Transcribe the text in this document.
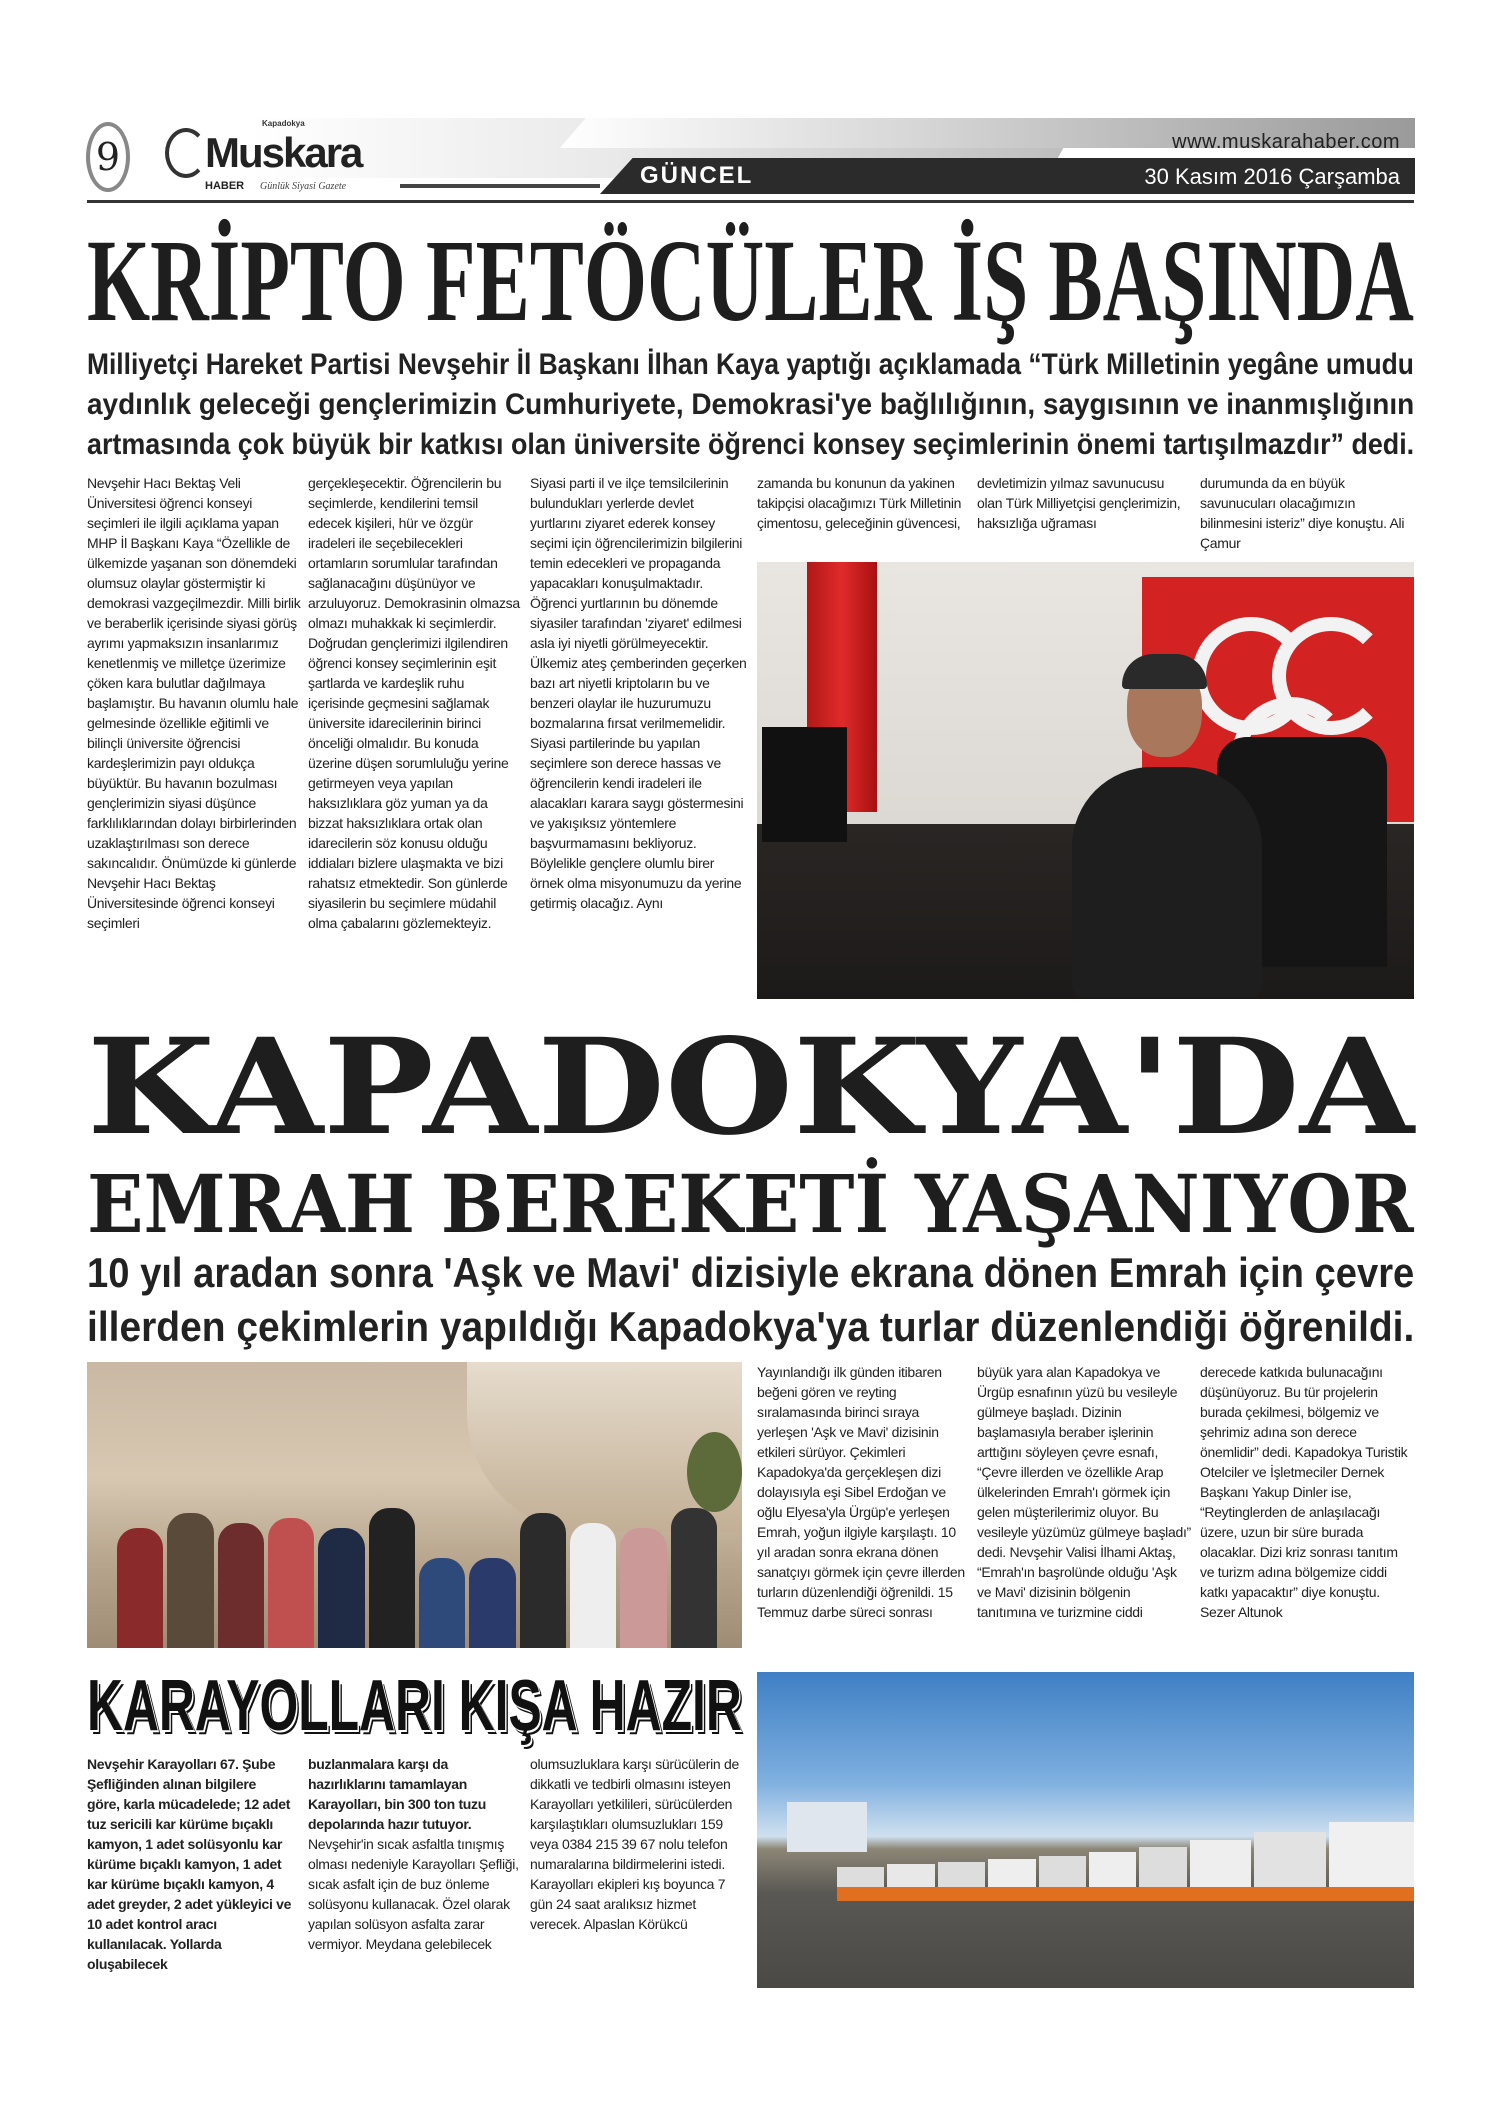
9
Kapadokya
Muskara
HABER Günlük Siyasi Gazete
www.muskarahaber.com
GÜNCEL	30 Kasım 2016 Çarşamba
KRİPTO FETÖCÜLER İŞ BAŞINDA
Milliyetçi Hareket Partisi Nevşehir İl Başkanı İlhan Kaya yaptığı açıklamada “Türk Milletinin yegâne umudu
aydınlık geleceği gençlerimizin Cumhuriyete, Demokrasi'ye bağlılığının, saygısının ve inanmışlığının
artmasında çok büyük bir katkısı olan üniversite öğrenci konsey seçimlerinin önemi tartışılmazdır” dedi.
Nevşehir Hacı Bektaş Veli Üniversitesi öğrenci konseyi seçimleri ile ilgili açıklama yapan MHP İl Başkanı Kaya “Özellikle de ülkemizde yaşanan son dönemdeki olumsuz olaylar göstermiştir ki demokrasi vazgeçilmezdir. Milli birlik ve beraberlik içerisinde siyasi görüş ayrımı yapmaksızın insanlarımız kenetlenmiş ve milletçe üzerimize çöken kara bulutlar dağılmaya başlamıştır. Bu havanın olumlu hale gelmesinde özellikle eğitimli ve bilinçli üniversite öğrencisi kardeşlerimizin payı oldukça büyüktür. Bu havanın bozulması gençlerimizin siyasi düşünce farklılıklarından dolayı birbirlerinden uzaklaştırılması son derece sakıncalıdır. Önümüzde ki günlerde Nevşehir Hacı Bektaş Üniversitesinde öğrenci konseyi seçimleri
gerçekleşecektir. Öğrencilerin bu seçimlerde, kendilerini temsil edecek kişileri, hür ve özgür iradeleri ile seçebilecekleri ortamların sorumlular tarafından sağlanacağını düşünüyor ve arzuluyoruz. Demokrasinin olmazsa olmazı muhakkak ki seçimlerdir. Doğrudan gençlerimizi ilgilendiren öğrenci konsey seçimlerinin eşit şartlarda ve kardeşlik ruhu içerisinde geçmesini sağlamak üniversite idarecilerinin birinci önceliği olmalıdır. Bu konuda üzerine düşen sorumluluğu yerine getirmeyen veya yapılan haksızlıklara göz yuman ya da bizzat haksızlıklara ortak olan idarecilerin söz konusu olduğu iddiaları bizlere ulaşmakta ve bizi rahatsız etmektedir. Son günlerde siyasilerin bu seçimlere müdahil olma çabalarını gözlemekteyiz.
Siyasi parti il ve ilçe temsilcilerinin bulundukları yerlerde devlet yurtlarını ziyaret ederek konsey seçimi için öğrencilerimizin bilgilerini temin edecekleri ve propaganda yapacakları konuşulmaktadır. Öğrenci yurtlarının bu dönemde siyasiler tarafından 'ziyaret' edilmesi asla iyi niyetli görülmeyecektir. Ülkemiz ateş çemberinden geçerken bazı art niyetli kriptoların bu ve benzeri olaylar ile huzurumuzu bozmalarına fırsat verilmemelidir. Siyasi partilerinde bu yapılan seçimlere son derece hassas ve öğrencilerin kendi iradeleri ile alacakları karara saygı göstermesini ve yakışıksız yöntemlere başvurmamasını bekliyoruz. Böylelikle gençlere olumlu birer örnek olma misyonumuzu da yerine getirmiş olacağız. Aynı
zamanda bu konunun da yakinen takipçisi olacağımızı Türk Milletinin çimentosu, geleceğinin güvencesi,
devletimizin yılmaz savunucusu olan Türk Milliyetçisi gençlerimizin, haksızlığa uğraması
durumunda da en büyük savunucuları olacağımızın bilinmesini isteriz” diye konuştu. Ali Çamur
KAPADOKYA'DA
EMRAH BEREKETİ YAŞANIYOR
10 yıl aradan sonra 'Aşk ve Mavi' dizisiyle ekrana dönen Emrah için çevre
illerden çekimlerin yapıldığı Kapadokya'ya turlar düzenlendiği öğrenildi.
Yayınlandığı ilk günden itibaren beğeni gören ve reyting sıralamasında birinci sıraya yerleşen 'Aşk ve Mavi' dizisinin etkileri sürüyor. Çekimleri Kapadokya'da gerçekleşen dizi dolayısıyla eşi Sibel Erdoğan ve oğlu Elyesa'yla Ürgüp'e yerleşen Emrah, yoğun ilgiyle karşılaştı. 10 yıl aradan sonra ekrana dönen sanatçıyı görmek için çevre illerden turların düzenlendiği öğrenildi. 15 Temmuz darbe süreci sonrası
büyük yara alan Kapadokya ve Ürgüp esnafının yüzü bu vesileyle gülmeye başladı. Dizinin başlamasıyla beraber işlerinin arttığını söyleyen çevre esnafı, “Çevre illerden ve özellikle Arap ülkelerinden Emrah'ı görmek için gelen müşterilerimiz oluyor. Bu vesileyle yüzümüz gülmeye başladı” dedi. Nevşehir Valisi İlhami Aktaş, “Emrah'ın başrolünde olduğu 'Aşk ve Mavi' dizisinin bölgenin tanıtımına ve turizmine ciddi
derecede katkıda bulunacağını düşünüyoruz. Bu tür projelerin burada çekilmesi, bölgemiz ve şehrimiz adına son derece önemlidir” dedi. Kapadokya Turistik Otelciler ve İşletmeciler Dernek Başkanı Yakup Dinler ise, “Reytinglerden de anlaşılacağı üzere, uzun bir süre burada olacaklar. Dizi kriz sonrası tanıtım ve turizm adına bölgemize ciddi katkı yapacaktır” diye konuştu. Sezer Altunok
KARAYOLLARI KIŞA HAZIR
Nevşehir Karayolları 67. Şube Şefliğinden alınan bilgilere göre, karla mücadelede; 12 adet tuz sericili kar kürüme bıçaklı kamyon, 1 adet solüsyonlu kar kürüme bıçaklı kamyon, 1 adet kar kürüme bıçaklı kamyon, 4 adet greyder, 2 adet yükleyici ve 10 adet kontrol aracı kullanılacak. Yollarda oluşabilecek
buzlanmalara karşı da hazırlıklarını tamamlayan Karayolları, bin 300 ton tuzu depolarında hazır tutuyor. Nevşehir'in sıcak asfaltla tınışmış olması nedeniyle Karayolları Şefliği, sıcak asfalt için de buz önleme solüsyonu kullanacak. Özel olarak yapılan solüsyon asfalta zarar vermiyor. Meydana gelebilecek
olumsuzluklara karşı sürücülerin de dikkatli ve tedbirli olmasını isteyen Karayolları yetkilileri, sürücülerden karşılaştıkları olumsuzlukları 159 veya 0384 215 39 67 nolu telefon numaralarına bildirmelerini istedi. Karayolları ekipleri kış boyunca 7 gün 24 saat aralıksız hizmet verecek. Alpaslan Körükcü
